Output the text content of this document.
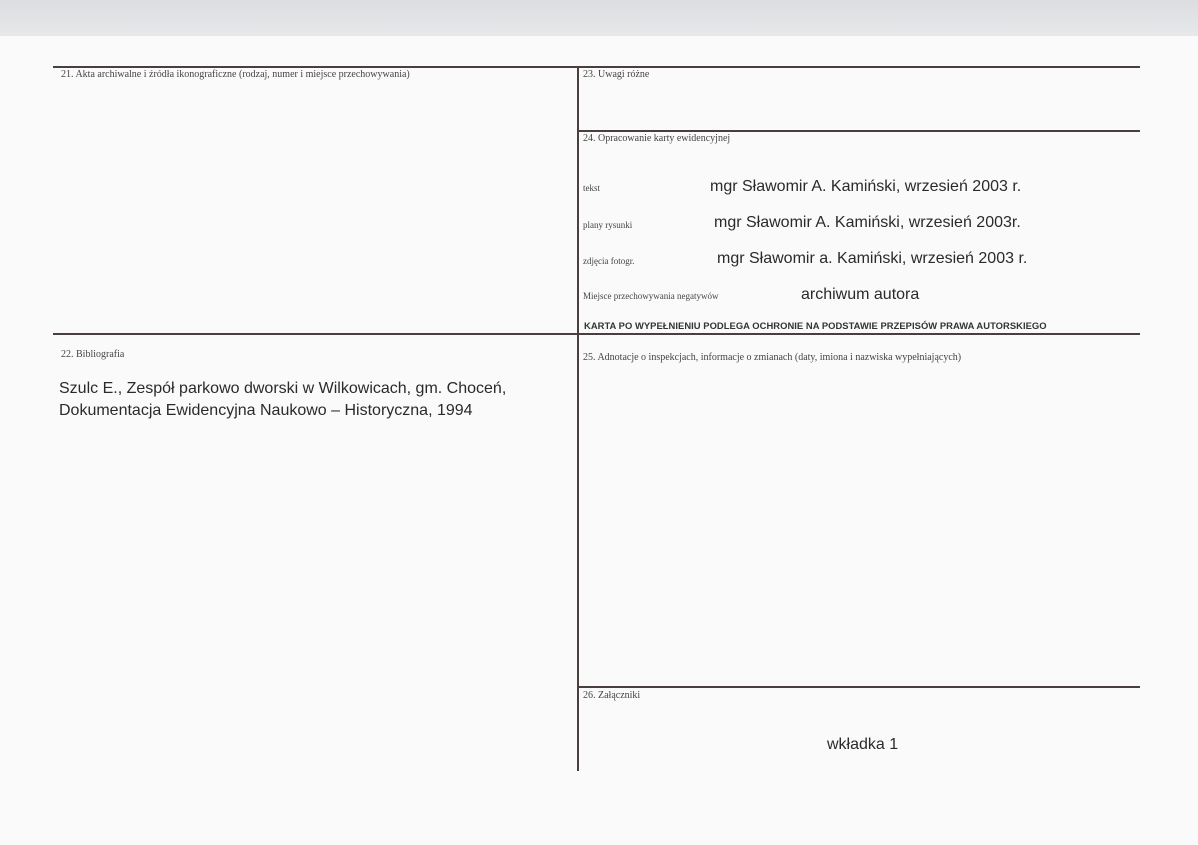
21. Akta archiwalne i źródła ikonograficzne (rodzaj, numer i miejsce przechowywania)	23. Uwagi różne
24. Opracowanie karty ewidencyjnej
tekst	mgr Sławomir A. Kamiński, wrzesień 2003 r.
plany rysunki	mgr Sławomir A. Kamiński, wrzesień 2003r.
zdjęcia fotogr.	mgr Sławomir a. Kamiński, wrzesień 2003 r.
Miejsce przechowywania negatywów	archiwum autora
KARTA PO WYPEŁNIENIU PODLEGA OCHRONIE NA PODSTAWIE PRZEPISÓW PRAWA AUTORSKIEGO
22. Bibliografia
Szulc E., Zespół parkowo dworski w Wilkowicach, gm. Choceń,
Dokumentacja Ewidencyjna Naukowo – Historyczna, 1994
25. Adnotacje o inspekcjach, informacje o zmianach (daty, imiona i nazwiska wypełniających)
26. Załączniki
wkładka 1
